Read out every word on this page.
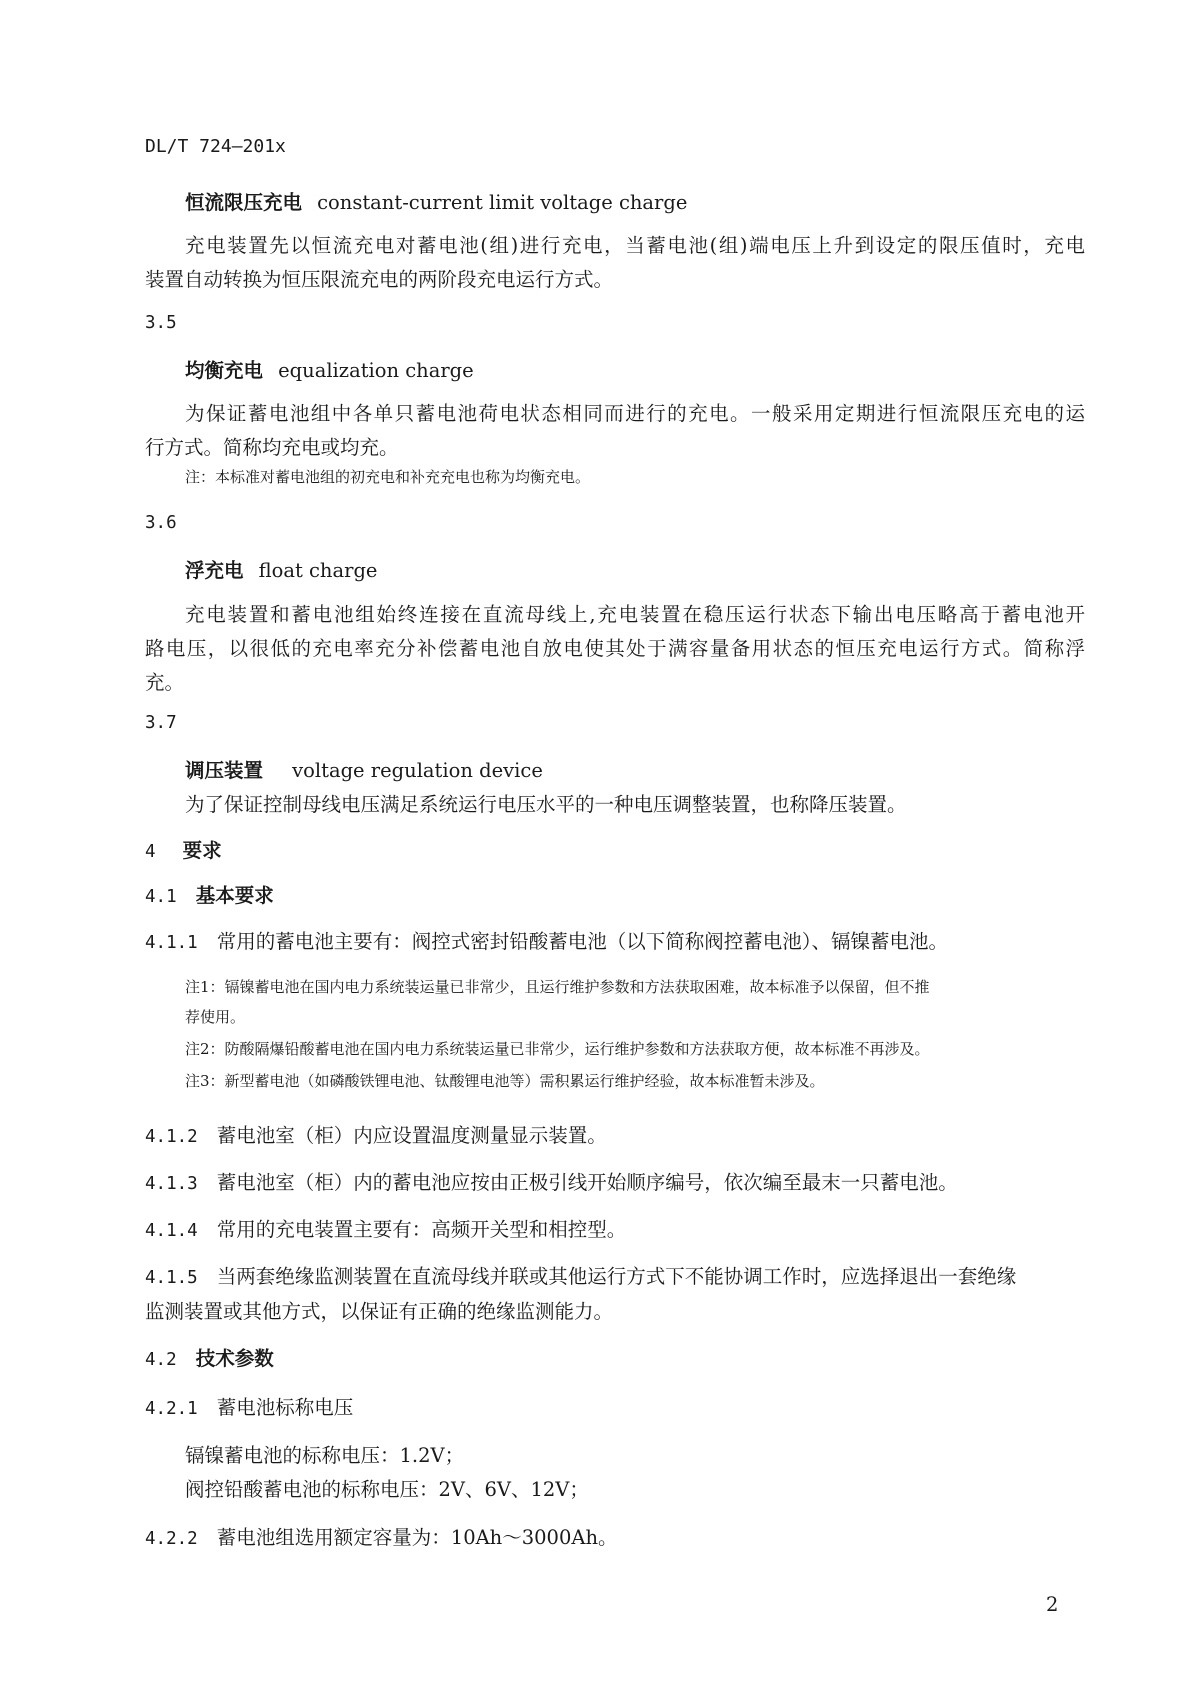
DL/T 724—201x
恒流限压充电 constant-current limit voltage charge
充电装置先以恒流充电对蓄电池(组)进行充电，当蓄电池(组)端电压上升到设定的限压值时，充电
装置自动转换为恒压限流充电的两阶段充电运行方式。
3.5
均衡充电 equalization charge
为保证蓄电池组中各单只蓄电池荷电状态相同而进行的充电。一般采用定期进行恒流限压充电的运
行方式。简称均充电或均充。
注：本标准对蓄电池组的初充电和补充充电也称为均衡充电。
3.6
浮充电 float charge
充电装置和蓄电池组始终连接在直流母线上,充电装置在稳压运行状态下输出电压略高于蓄电池开
路电压，以很低的充电率充分补偿蓄电池自放电使其处于满容量备用状态的恒压充电运行方式。简称浮
充。
3.7
调压装置 voltage regulation device
为了保证控制母线电压满足系统运行电压水平的一种电压调整装置，也称降压装置。
4 要求
4.1 基本要求
4.1.1 常用的蓄电池主要有：阀控式密封铅酸蓄电池（以下简称阀控蓄电池）、镉镍蓄电池。
注1：镉镍蓄电池在国内电力系统装运量已非常少，且运行维护参数和方法获取困难，故本标准予以保留，但不推
荐使用。
注2：防酸隔爆铅酸蓄电池在国内电力系统装运量已非常少，运行维护参数和方法获取方便，故本标准不再涉及。
注3：新型蓄电池（如磷酸铁锂电池、钛酸锂电池等）需积累运行维护经验，故本标准暂未涉及。
4.1.2 蓄电池室（柜）内应设置温度测量显示装置。
4.1.3 蓄电池室（柜）内的蓄电池应按由正极引线开始顺序编号，依次编至最末一只蓄电池。
4.1.4 常用的充电装置主要有：高频开关型和相控型。
4.1.5 当两套绝缘监测装置在直流母线并联或其他运行方式下不能协调工作时，应选择退出一套绝缘
监测装置或其他方式，以保证有正确的绝缘监测能力。
4.2 技术参数
4.2.1 蓄电池标称电压
镉镍蓄电池的标称电压：1.2V；
阀控铅酸蓄电池的标称电压：2V、6V、12V；
4.2.2 蓄电池组选用额定容量为：10Ah～3000Ah。
2
